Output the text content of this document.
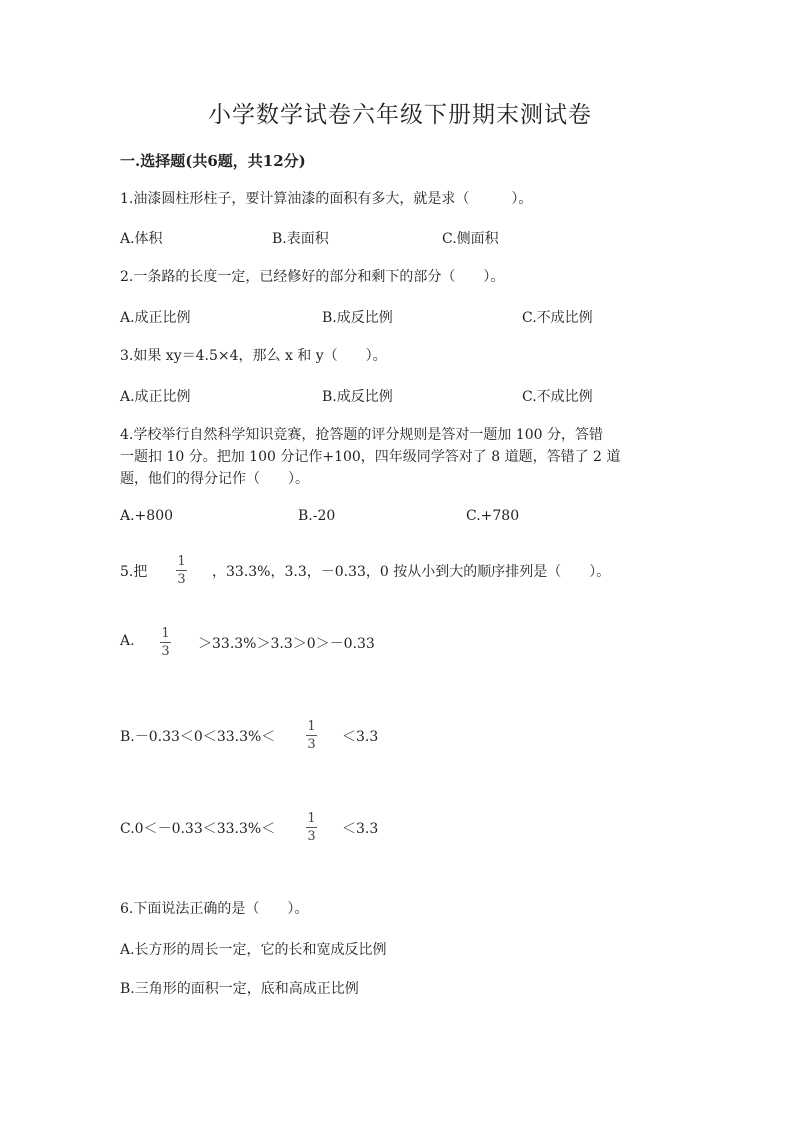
小学数学试卷六年级下册期末测试卷
一.选择题(共6题，共12分)
1.油漆圆柱形柱子，要计算油漆的面积有多大，就是求（　　　）。
A.体积	B.表面积	C.侧面积
2.一条路的长度一定，已经修好的部分和剩下的部分（　　）。
A.成正比例	B.成反比例	C.不成比例
3.如果 xy＝4.5×4，那么 x 和 y（　　）。
A.成正比例	B.成反比例	C.不成比例
4.学校举行自然科学知识竞赛，抢答题的评分规则是答对一题加 100 分，答错
一题扣 10 分。把加 100 分记作+100，四年级同学答对了 8 道题，答错了 2 道
题，他们的得分记作（　　）。
A.+800	B.-20	C.+780
5.把
1
3 ，33.3%，3.3，－0.33，0 按从小到大的顺序排列是（　　）。
A. 1
3 ＞33.3%＞3.3＞0＞－0.33
B.－0.33＜0＜33.3%＜
1
3 ＜3.3
C.0＜－0.33＜33.3%＜
1
3 ＜3.3
6.下面说法正确的是（　　）。
A.长方形的周长一定，它的长和宽成反比例
B.三角形的面积一定，底和高成正比例
